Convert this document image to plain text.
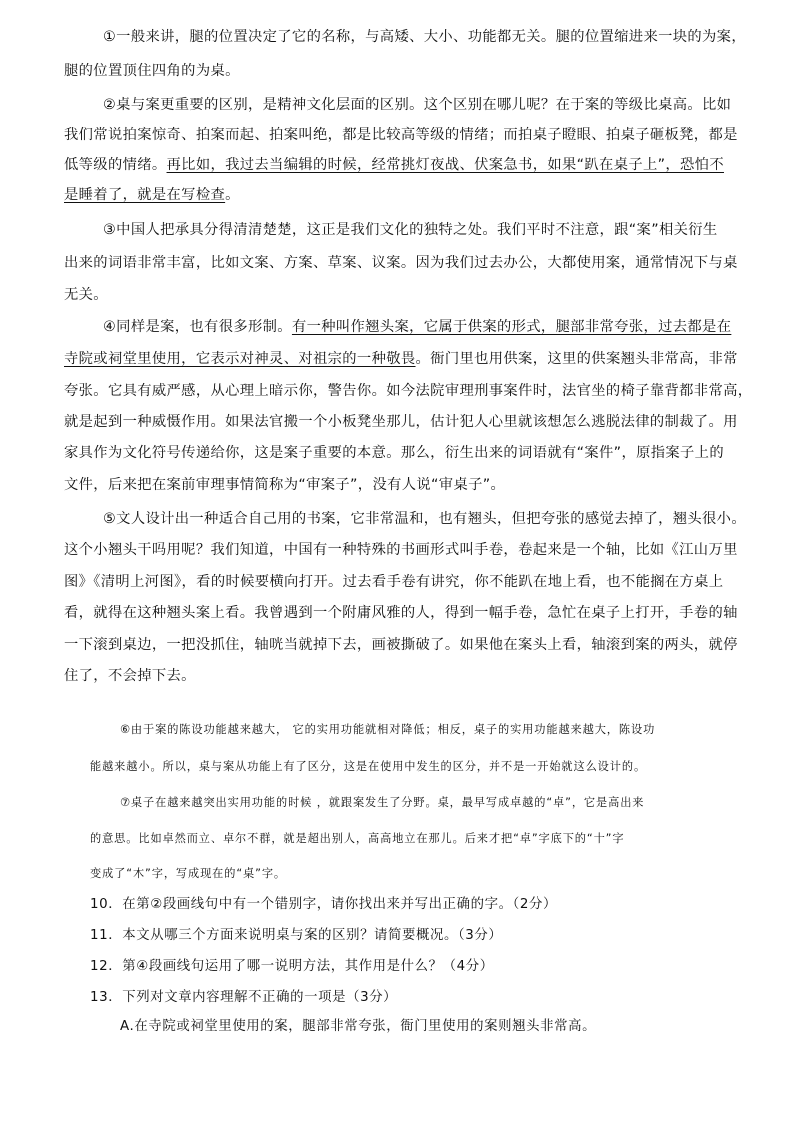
①一般来讲，腿的位置决定了它的名称，与高矮、大小、功能都无关。腿的位置缩进来一块的为案，
腿的位置顶住四角的为桌。
②桌与案更重要的区别，是精神文化层面的区别。这个区别在哪儿呢？在于案的等级比桌高。比如
我们常说拍案惊奇、拍案而起、拍案叫绝，都是比较高等级的情绪；而拍桌子瞪眼、拍桌子砸板凳，都是
低等级的情绪。再比如，我过去当编辑的时候，经常挑灯夜战、伏案急书，如果“趴在桌子上”，恐怕不
是睡着了，就是在写检查。
③中国人把承具分得清清楚楚，这正是我们文化的独特之处。我们平时不注意，跟“案”相关衍生
出来的词语非常丰富，比如文案、方案、草案、议案。因为我们过去办公，大都使用案，通常情况下与桌
无关。
④同样是案，也有很多形制。有一种叫作翘头案，它属于供案的形式，腿部非常夸张，过去都是在
寺院或祠堂里使用，它表示对神灵、对祖宗的一种敬畏。衙门里也用供案，这里的供案翘头非常高，非常
夸张。它具有威严感，从心理上暗示你，警告你。如今法院审理刑事案件时，法官坐的椅子靠背都非常高，
就是起到一种威慑作用。如果法官搬一个小板凳坐那儿，估计犯人心里就该想怎么逃脱法律的制裁了。用
家具作为文化符号传递给你，这是案子重要的本意。那么，衍生出来的词语就有“案件”，原指案子上的
文件，后来把在案前审理事情简称为“审案子”，没有人说“审桌子”。
⑤文人设计出一种适合自己用的书案，它非常温和，也有翘头，但把夸张的感觉去掉了，翘头很小。
这个小翘头干吗用呢？我们知道，中国有一种特殊的书画形式叫手卷，卷起来是一个轴，比如《江山万里
图》《清明上河图》，看的时候要横向打开。过去看手卷有讲究，你不能趴在地上看，也不能搁在方桌上
看，就得在这种翘头案上看。我曾遇到一个附庸风雅的人，得到一幅手卷，急忙在桌子上打开，手卷的轴
一下滚到桌边，一把没抓住，轴咣当就掉下去，画被撕破了。如果他在案头上看，轴滚到案的两头，就停
住了，不会掉下去。
⑥由于案的陈设功能越来越大， 它的实用功能就相对降低；相反，桌子的实用功能越来越大，陈设功
能越来越小。所以，桌与案从功能上有了区分，这是在使用中发生的区分，并不是一开始就这么设计的。
⑦桌子在越来越突出实用功能的时候 ，就跟案发生了分野。桌，最早写成卓越的“卓”，它是高出来
的意思。比如卓然而立、卓尔不群，就是超出别人，高高地立在那儿。后来才把“卓”字底下的“十”字
变成了“木”字，写成现在的“桌”字。
10．在第②段画线句中有一个错别字，请你找出来并写出正确的字。（2分）
11．本文从哪三个方面来说明桌与案的区别？请简要概况。（3分）
12．第④段画线句运用了哪一说明方法，其作用是什么？（4分）
13．下列对文章内容理解不正确的一项是（3分）
A.在寺院或祠堂里使用的案，腿部非常夸张，衙门里使用的案则翘头非常高。
